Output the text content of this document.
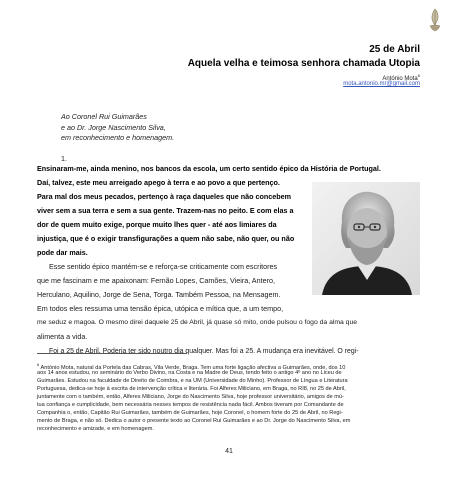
25 de Abril
Aquela velha e teimosa senhora chamada Utopia
António Mota$^6$
mota.antonio.mr@gmail.com
Ao Coronel Rui Guimarães
e ao Dr. Jorge Nascimento Silva,
em reconhecimento e homenagem.
1.
Ensinaram-me, ainda menino, nos bancos da escola, um certo sentido épico da História de Portugal.
Daí, talvez, este meu arreigado apego à terra e ao povo a que pertenço.
Para mal dos meus pecados, pertenço à raça daqueles que não concebem
viver sem a sua terra e sem a sua gente. Trazem-nas no peito. E com elas a
dor de quem muito exige, porque muito lhes quer - até aos limiares da
injustiça, que é o exigir transfigurações a quem não sabe, não quer, ou não
pode dar mais.
Esse sentido épico mantém-se e reforça-se criticamente com escritores
que me fascinam e me apaixonam: Fernão Lopes, Camões, Vieira, Antero,
Herculano, Aquilino, Jorge de Sena, Torga. Também Pessoa, na Mensagem.
Em todos eles ressuma uma tensão épica, utópica e mítica que, a um tempo,
me seduz e magoa. O mesmo direi daquele 25 de Abril, já quase só mito, onde pulsou o fogo da alma que
alimenta a vida.
Foi a 25 de Abril. Poderia ter sido noutro dia qualquer. Mas foi a 25. A mudança era inevitável. O regi-
$^6$ António Mota, natural da Portela das Cabras, Vila Verde, Braga. Tem uma forte ligação afectiva a Guimarães, onde, dos 10
aos 14 anos estudou, no seminário do Verbo Divino, na Costa e na Madre de Deus, tendo feito o antigo 4º ano no Liceu de
Guimarães. Estudou na faculdade de Direito de Coimbra, e na UM (Universidade do Minho). Professor de Língua e Literatura
Portuguesa, dedica-se hoje à escrita de intervenção crítica e literária. Foi Alferes Miliciano, em Braga, no RI8, no 25 de Abril,
juntamente com o também, então, Alferes Miliciano, Jorge do Nascimento Silva, hoje professor universitário, amigos de mú-
tua confiança e cumplicidade, bem necessária nesses tempos de resistência nada fácil. Ambos tiveram por Comandante de
Companhia o, então, Capitão Rui Guimarães, também de Guimarães, hoje Coronel, o homem forte do 25 de Abril, no Regi-
mento de Braga, e não só. Dedica o autor o presente texto ao Coronel Rui Guimarães e ao Dr. Jorge do Nascimento Silva, em
reconhecimento e amizade, e em homenagem.
41
